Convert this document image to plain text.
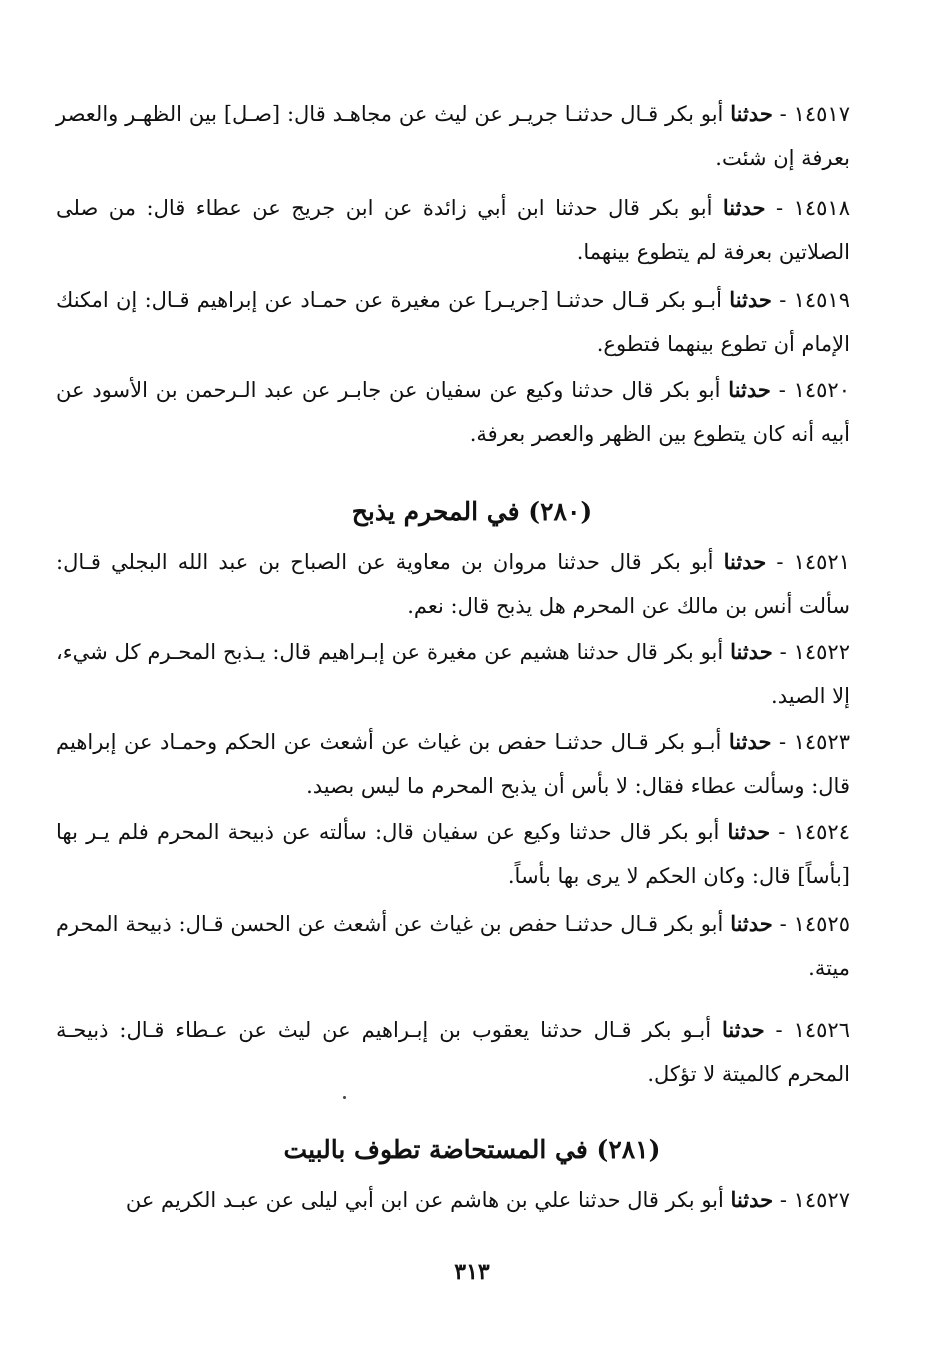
١٤٥١٧ - حدثنا أبو بكر قـال حدثنـا جريـر عن ليث عن مجاهـد قال: [صـل] بين الظهـر والعصر بعرفة إن شئت.

١٤٥١٨ - حدثنا أبو بكر قال حدثنا ابن أبي زائدة عن ابن جريج عن عطاء قال: من صلى الصلاتين بعرفة لم يتطوع بينهما.

١٤٥١٩ - حدثنا أبـو بكر قـال حدثنـا [جريـر] عن مغيرة عن حمـاد عن إبراهيم قـال: إن امكنك الإمام أن تطوع بينهما فتطوع.

١٤٥٢٠ - حدثنا أبو بكر قال حدثنا وكيع عن سفيان عن جابـر عن عبد الـرحمن بن الأسود عن أبيه أنه كان يتطوع بين الظهر والعصر بعرفة.

(٢٨٠) في المحرم يذبح

١٤٥٢١ - حدثنا أبو بكر قال حدثنا مروان بن معاوية عن الصباح بن عبد الله البجلي قـال: سألت أنس بن مالك عن المحرم هل يذبح قال: نعم.

١٤٥٢٢ - حدثنا أبو بكر قال حدثنا هشيم عن مغيرة عن إبـراهيم قال: يـذبح المحـرم كل شيء، إلا الصيد.

١٤٥٢٣ - حدثنا أبـو بكر قـال حدثنـا حفص بن غياث عن أشعث عن الحكم وحمـاد عن إبراهيم قال: وسألت عطاء فقال: لا بأس أن يذبح المحرم ما ليس بصيد.

١٤٥٢٤ - حدثنا أبو بكر قال حدثنا وكيع عن سفيان قال: سألته عن ذبيحة المحرم فلم يـر بها [بأساً] قال: وكان الحكم لا يرى بها بأساً.

١٤٥٢٥ - حدثنا أبو بكر قـال حدثنـا حفص بن غياث عن أشعث عن الحسن قـال: ذبيحة المحرم ميتة.

١٤٥٢٦ - حدثنا أبـو بكر قـال حدثنا يعقوب بن إبـراهيم عن ليث عن عـطاء قـال: ذبيحـة المحرم كالميتة لا تؤكل.

(٢٨١) في المستحاضة تطوف بالبيت

١٤٥٢٧ - حدثنا أبو بكر قال حدثنا علي بن هاشم عن ابن أبي ليلى عن عبـد الكريم عن

٣١٣
